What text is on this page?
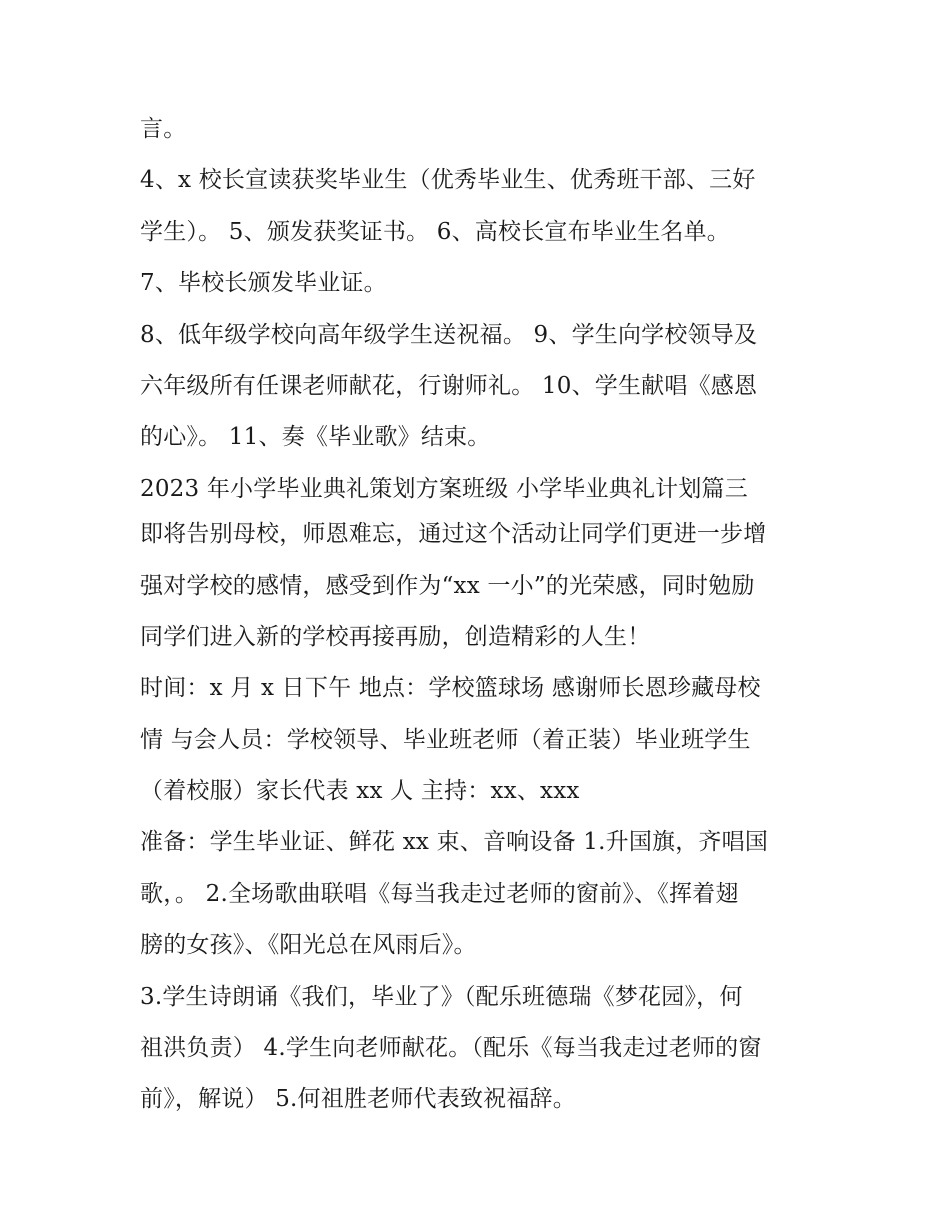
言。
4、x 校长宣读获奖毕业生（优秀毕业生、优秀班干部、三好
学生）。 5、颁发获奖证书。 6、高校长宣布毕业生名单。
7、毕校长颁发毕业证。
8、低年级学校向高年级学生送祝福。 9、学生向学校领导及
六年级所有任课老师献花，行谢师礼。 10、学生献唱《感恩
的心》。 11、奏《毕业歌》结束。
2023 年小学毕业典礼策划方案班级 小学毕业典礼计划篇三
即将告别母校，师恩难忘，通过这个活动让同学们更进一步增
强对学校的感情，感受到作为“xx 一小”的光荣感，同时勉励
同学们进入新的学校再接再励，创造精彩的人生！
时间：x 月 x 日下午 地点：学校篮球场 感谢师长恩珍藏母校
情 与会人员：学校领导、毕业班老师（着正装）毕业班学生
（着校服）家长代表 xx 人 主持：xx、xxx
准备：学生毕业证、鲜花 xx 束、音响设备 1.升国旗，齐唱国
歌，。 2.全场歌曲联唱《每当我走过老师的窗前》、《挥着翅
膀的女孩》、《阳光总在风雨后》。
3.学生诗朗诵《我们，毕业了》（配乐班德瑞《梦花园》，何
祖洪负责） 4.学生向老师献花。（配乐《每当我走过老师的窗
前》，解说） 5.何祖胜老师代表致祝福辞。
